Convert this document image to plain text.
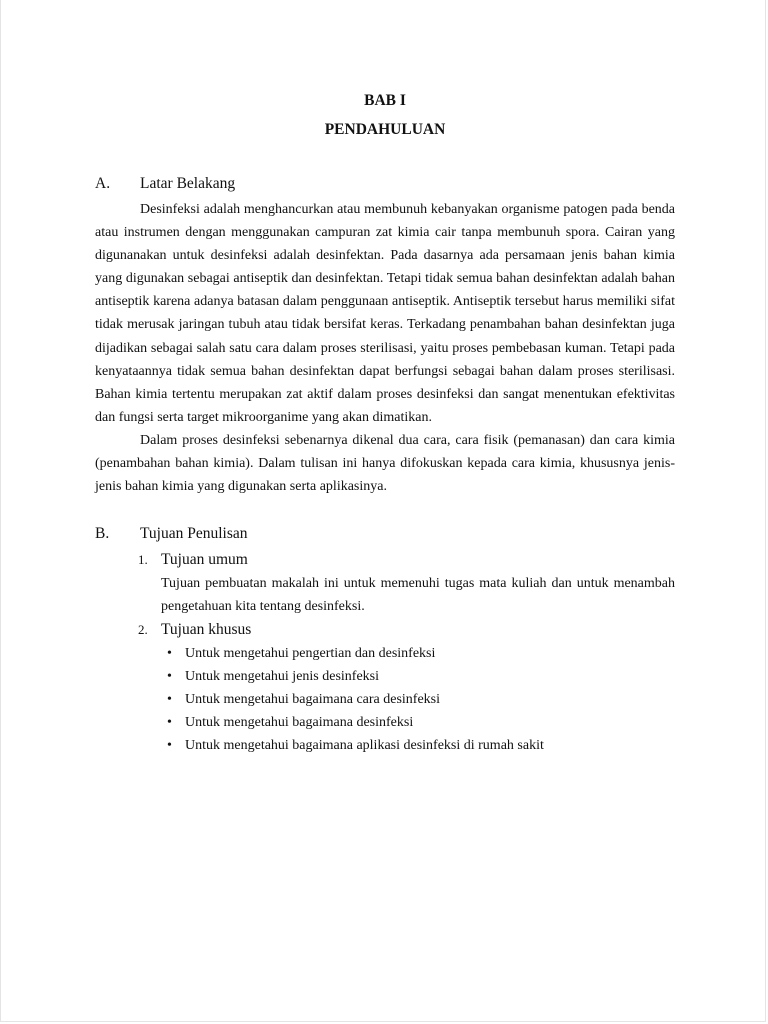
BAB I

PENDAHULUAN

A.	Latar Belakang

Desinfeksi adalah menghancurkan atau membunuh kebanyakan organisme patogen pada benda atau instrumen dengan menggunakan campuran zat kimia cair tanpa membunuh spora. Cairan yang digunanakan untuk desinfeksi adalah desinfektan. Pada dasarnya ada persamaan jenis bahan kimia yang digunakan sebagai antiseptik dan desinfektan. Tetapi tidak semua bahan desinfektan adalah bahan antiseptik karena adanya batasan dalam penggunaan antiseptik. Antiseptik tersebut harus memiliki sifat tidak merusak jaringan tubuh atau tidak bersifat keras. Terkadang penambahan bahan desinfektan juga dijadikan sebagai salah satu cara dalam proses sterilisasi, yaitu proses pembebasan kuman. Tetapi pada kenyataannya tidak semua bahan desinfektan dapat berfungsi sebagai bahan dalam proses sterilisasi. Bahan kimia tertentu merupakan zat aktif dalam proses desinfeksi dan sangat menentukan efektivitas dan fungsi serta target mikroorganime yang akan dimatikan.

Dalam proses desinfeksi sebenarnya dikenal dua cara, cara fisik (pemanasan) dan cara kimia (penambahan bahan kimia). Dalam tulisan ini hanya difokuskan kepada cara kimia, khususnya jenis-jenis bahan kimia yang digunakan serta aplikasinya.

B.	Tujuan Penulisan
1. Tujuan umum

Tujuan pembuatan makalah ini untuk memenuhi tugas mata kuliah dan untuk menambah pengetahuan kita tentang desinfeksi.

2. Tujuan khusus
• Untuk mengetahui pengertian dan desinfeksi
• Untuk mengetahui jenis desinfeksi
• Untuk mengetahui bagaimana cara desinfeksi
• Untuk mengetahui bagaimana desinfeksi
• Untuk mengetahui bagaimana aplikasi desinfeksi di rumah sakit
